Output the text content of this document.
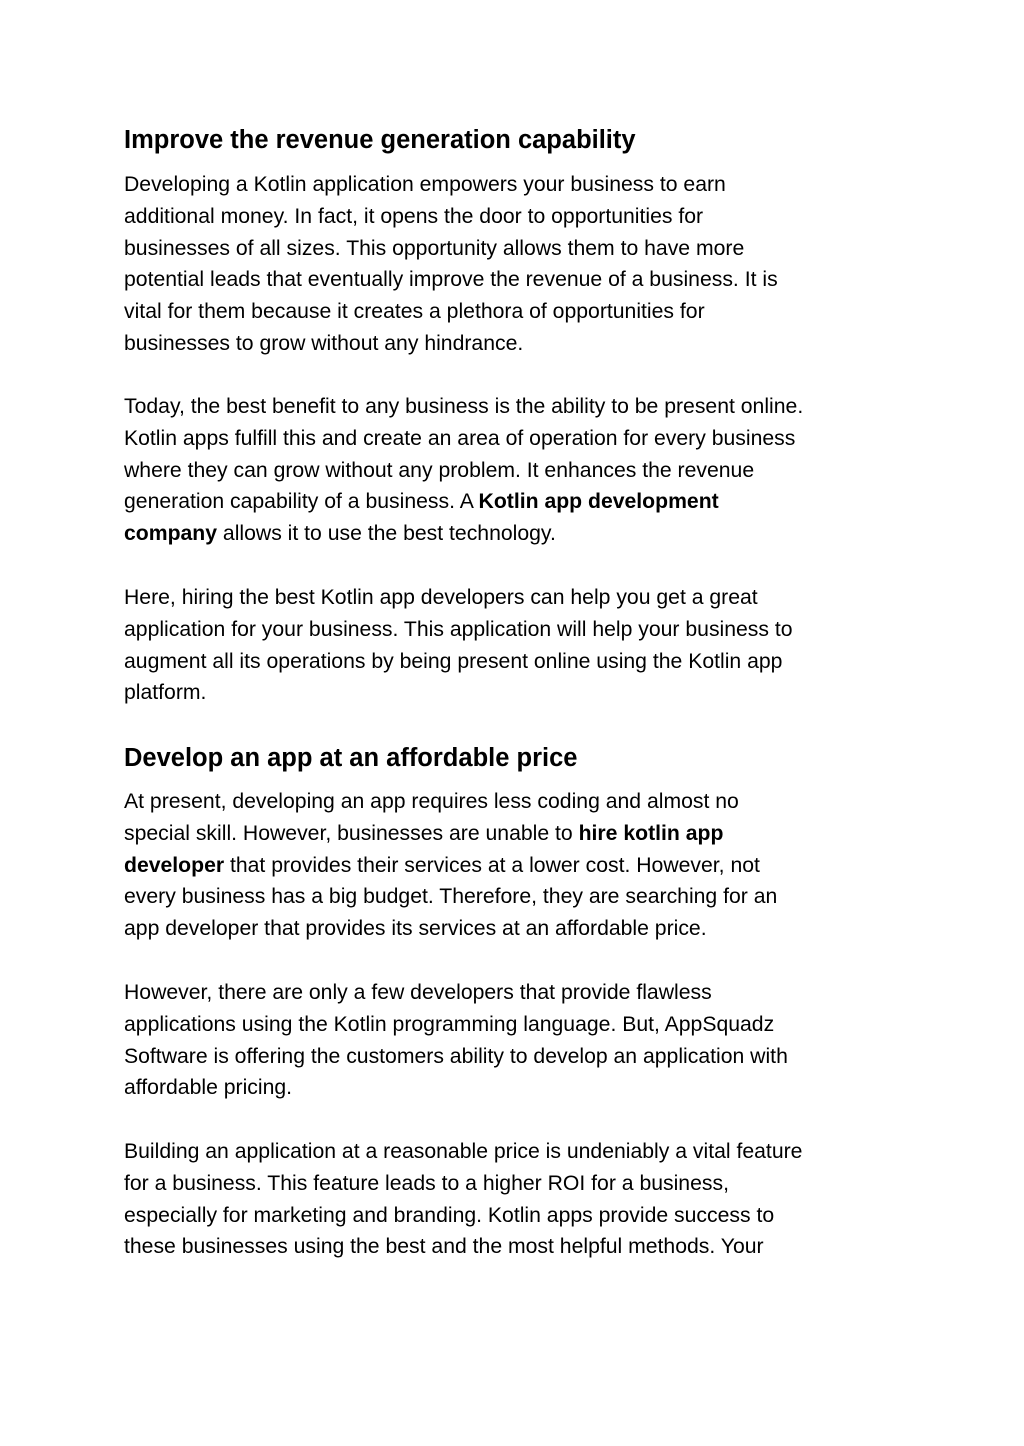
Improve the revenue generation capability

Developing a Kotlin application empowers your business to earn
additional money. In fact, it opens the door to opportunities for
businesses of all sizes. This opportunity allows them to have more
potential leads that eventually improve the revenue of a business. It is
vital for them because it creates a plethora of opportunities for
businesses to grow without any hindrance.

Today, the best benefit to any business is the ability to be present online.
Kotlin apps fulfill this and create an area of operation for every business
where they can grow without any problem. It enhances the revenue
generation capability of a business. A Kotlin app development
company allows it to use the best technology.

Here, hiring the best Kotlin app developers can help you get a great
application for your business. This application will help your business to
augment all its operations by being present online using the Kotlin app
platform.

Develop an app at an affordable price

At present, developing an app requires less coding and almost no
special skill. However, businesses are unable to hire kotlin app
developer that provides their services at a lower cost. However, not
every business has a big budget. Therefore, they are searching for an
app developer that provides its services at an affordable price.

However, there are only a few developers that provide flawless
applications using the Kotlin programming language. But, AppSquadz
Software is offering the customers ability to develop an application with
affordable pricing.

Building an application at a reasonable price is undeniably a vital feature
for a business. This feature leads to a higher ROI for a business,
especially for marketing and branding. Kotlin apps provide success to
these businesses using the best and the most helpful methods. Your
